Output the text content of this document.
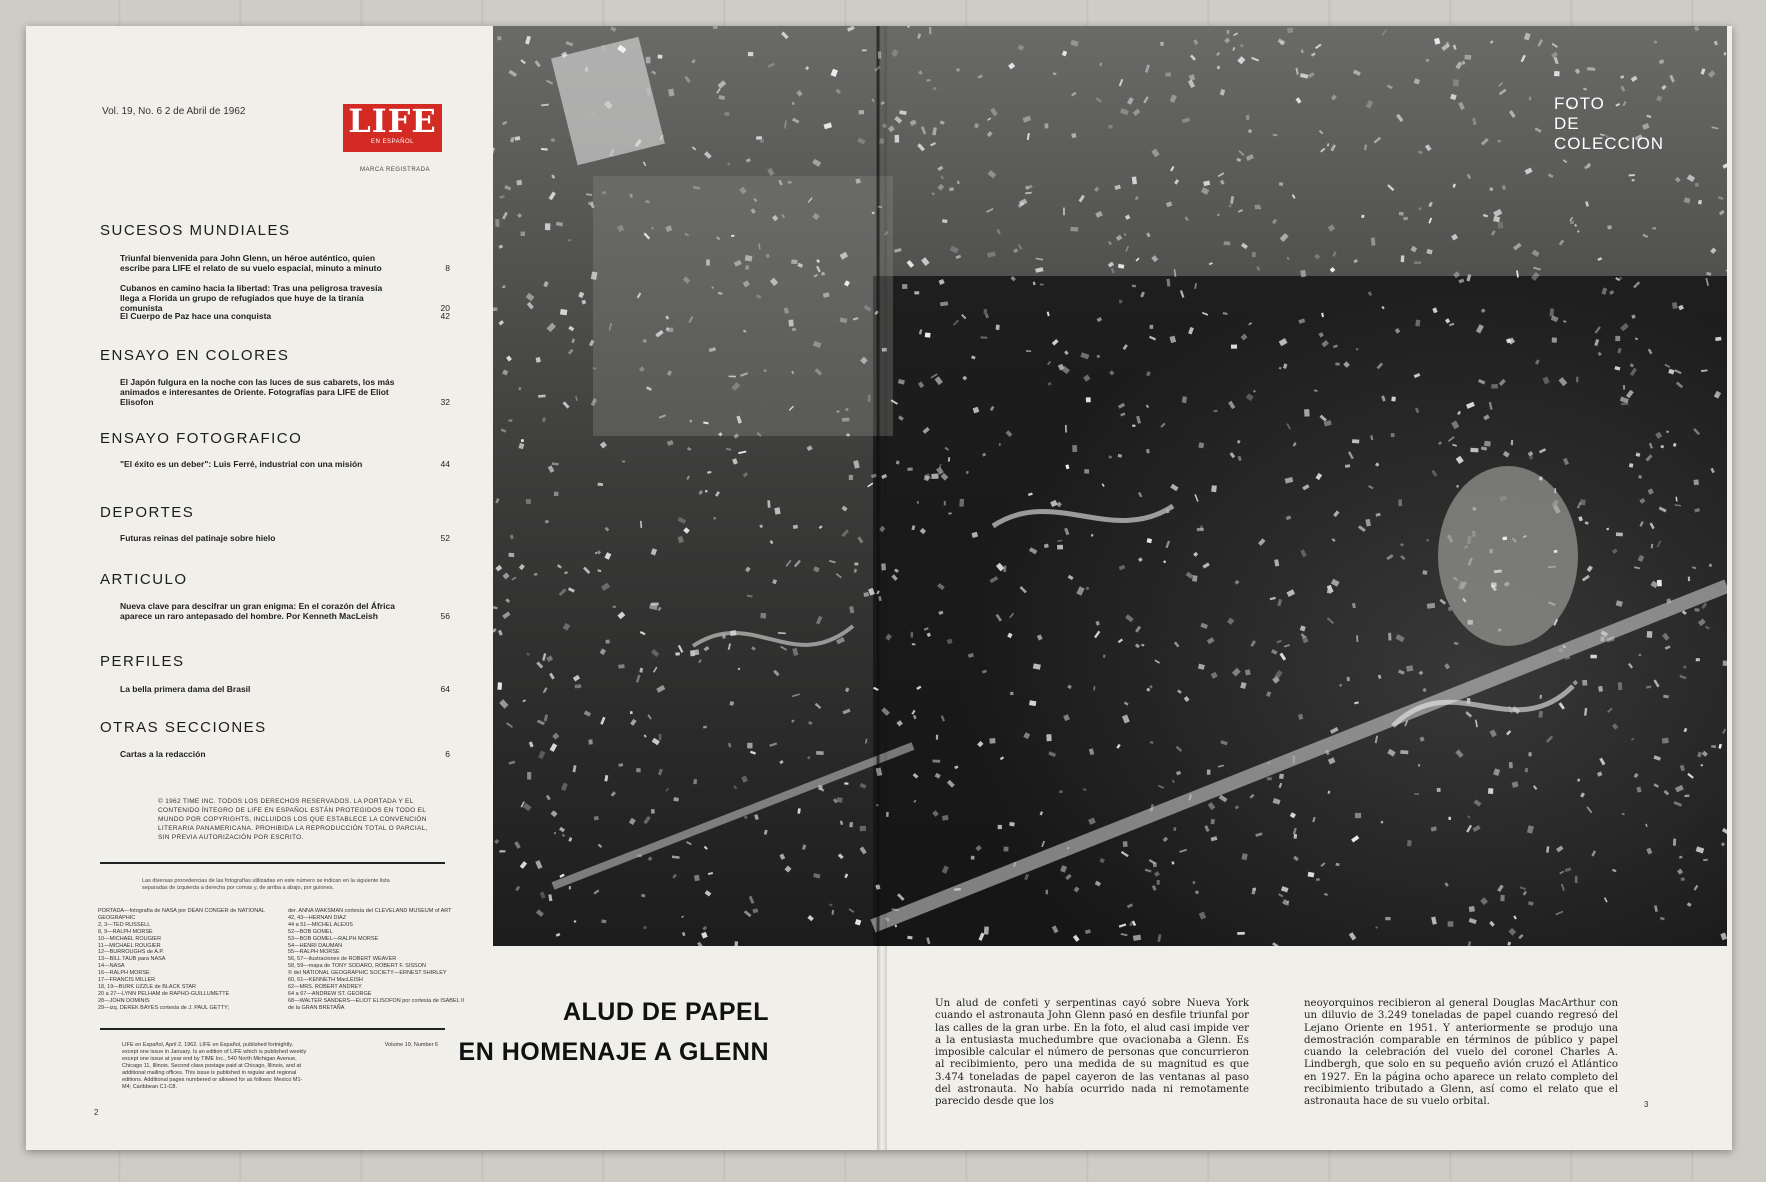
Vol. 19, No. 6 2 de Abril de 1962	LIFE
EN ESPAÑOL
MARCA REGISTRADA
SUCESOS MUNDIALES
Triunfal bienvenida para John Glenn, un héroe auténtico, quien escribe para LIFE el relato de su vuelo espacial, minuto a minuto	8
Cubanos en camino hacia la libertad: Tras una peligrosa travesía llega a Florida un grupo de refugiados que huye de la tiranía comunista	20
El Cuerpo de Paz hace una conquista	42
ENSAYO EN COLORES
El Japón fulgura en la noche con las luces de sus cabarets, los más animados e interesantes de Oriente. Fotografías para LIFE de Eliot Elisofon	32
ENSAYO FOTOGRAFICO
"El éxito es un deber": Luis Ferré, industrial con una misión	44
DEPORTES
Futuras reinas del patinaje sobre hielo	52
ARTICULO
Nueva clave para descifrar un gran enigma: En el corazón del África aparece un raro antepasado del hombre. Por Kenneth MacLeish	56
PERFILES
La bella primera dama del Brasil	64
OTRAS SECCIONES
Cartas a la redacción	6
© 1962 TIME INC. TODOS LOS DERECHOS RESERVADOS. LA PORTADA Y EL CONTENIDO ÍNTEGRO DE LIFE EN ESPAÑOL ESTÁN PROTEGIDOS EN TODO EL MUNDO POR COPYRIGHTS, INCLUIDOS LOS QUE ESTABLECE LA CONVENCIÓN LITERARIA PANAMERICANA. PROHIBIDA LA REPRODUCCIÓN TOTAL O PARCIAL, SIN PREVIA AUTORIZACIÓN POR ESCRITO.
Las diversas procedencias de las fotografías utilizadas en este número se indican en la siguiente lista separadas de izquierda a derecha por comas y, de arriba a abajo, por guiones.
PORTADA—fotografía de NASA por DEAN CONGER de NATIONAL GEOGRAPHIC
2, 3—TED RUSSELL
8, 9—RALPH MORSE
10—MICHAEL ROUGIER
11—MICHAEL ROUGIER
12—BURROUGHS de A.P.
13—BILL TAUB para NASA
14—NASA
16—RALPH MORSE
17—FRANCIS MILLER
18, 19—BURK UZZLE de BLACK STAR
20 a 27—LYNN PELHAM de RAPHO-GUILLUMETTE
28—JOHN DOMINIS
29—izq. DEREK BAYES cortesía de J. PAUL GETTY;
der. ANNA WAKSMAN cortesía del CLEVELAND MUSEUM of ART
42, 43—HERNAN DIAZ
44 a 51—MICHEL ALEXIS
52—BOB GOMEL
53—BOB GOMEL—RALPH MORSE
54—HENRI DAUMAN
55—RALPH MORSE
56, 57—ilustraciones de ROBERT WEAVER
58, 59—mapa de TONY SODARO, ROBERT F. SISSON
© del NATIONAL GEOGRAPHIC SOCIETY—ERNEST SHIRLEY
60, 61—KENNETH MacLEISH
62—MRS. ROBERT ANDREY
64 a 67—ANDREW ST. GEORGE
68—WALTER SANDERS—ELIOT ELISOFON por cortesía de ISABEL II de la GRAN BRETAÑA
LIFE en Español, April 2, 1962. LIFE en Español, published fortnightly, except one issue in January. Is an edition of LIFE which is published weekly except one issue at year end by TIME Inc., 540 North Michigan Avenue, Chicago 11, Illinois. Second class postage paid at Chicago, Illinois, and at additional mailing offices. This issue is published in regular and regional editions. Additional pages numbered or allowed for as follows: Mexico M1-M4; Caribbean C1-C8.
Volume 19, Number 6
2
FOTO
DE
COLECCION
ALUD DE PAPEL
EN HOMENAJE A GLENN
Un alud de confeti y serpentinas cayó sobre Nueva York cuando el astronauta John Glenn pasó en desfile triunfal por las calles de la gran urbe. En la foto, el alud casi impide ver a la entusiasta muchedumbre que ovacionaba a Glenn. Es imposible calcular el número de personas que concurrieron al recibimiento, pero una medida de su magnitud es que 3.474 toneladas de papel cayeron de las ventanas al paso del astronauta. No había ocurrido nada ni remotamente parecido desde que los
neoyorquinos recibieron al general Douglas MacArthur con un diluvio de 3.249 toneladas de papel cuando regresó del Lejano Oriente en 1951. Y anteriormente se produjo una demostración comparable en términos de público y papel cuando la celebración del vuelo del coronel Charles A. Lindbergh, que solo en su pequeño avión cruzó el Atlántico en 1927. En la página ocho aparece un relato completo del recibimiento tributado a Glenn, así como el relato que el astronauta hace de su vuelo orbital.	3
